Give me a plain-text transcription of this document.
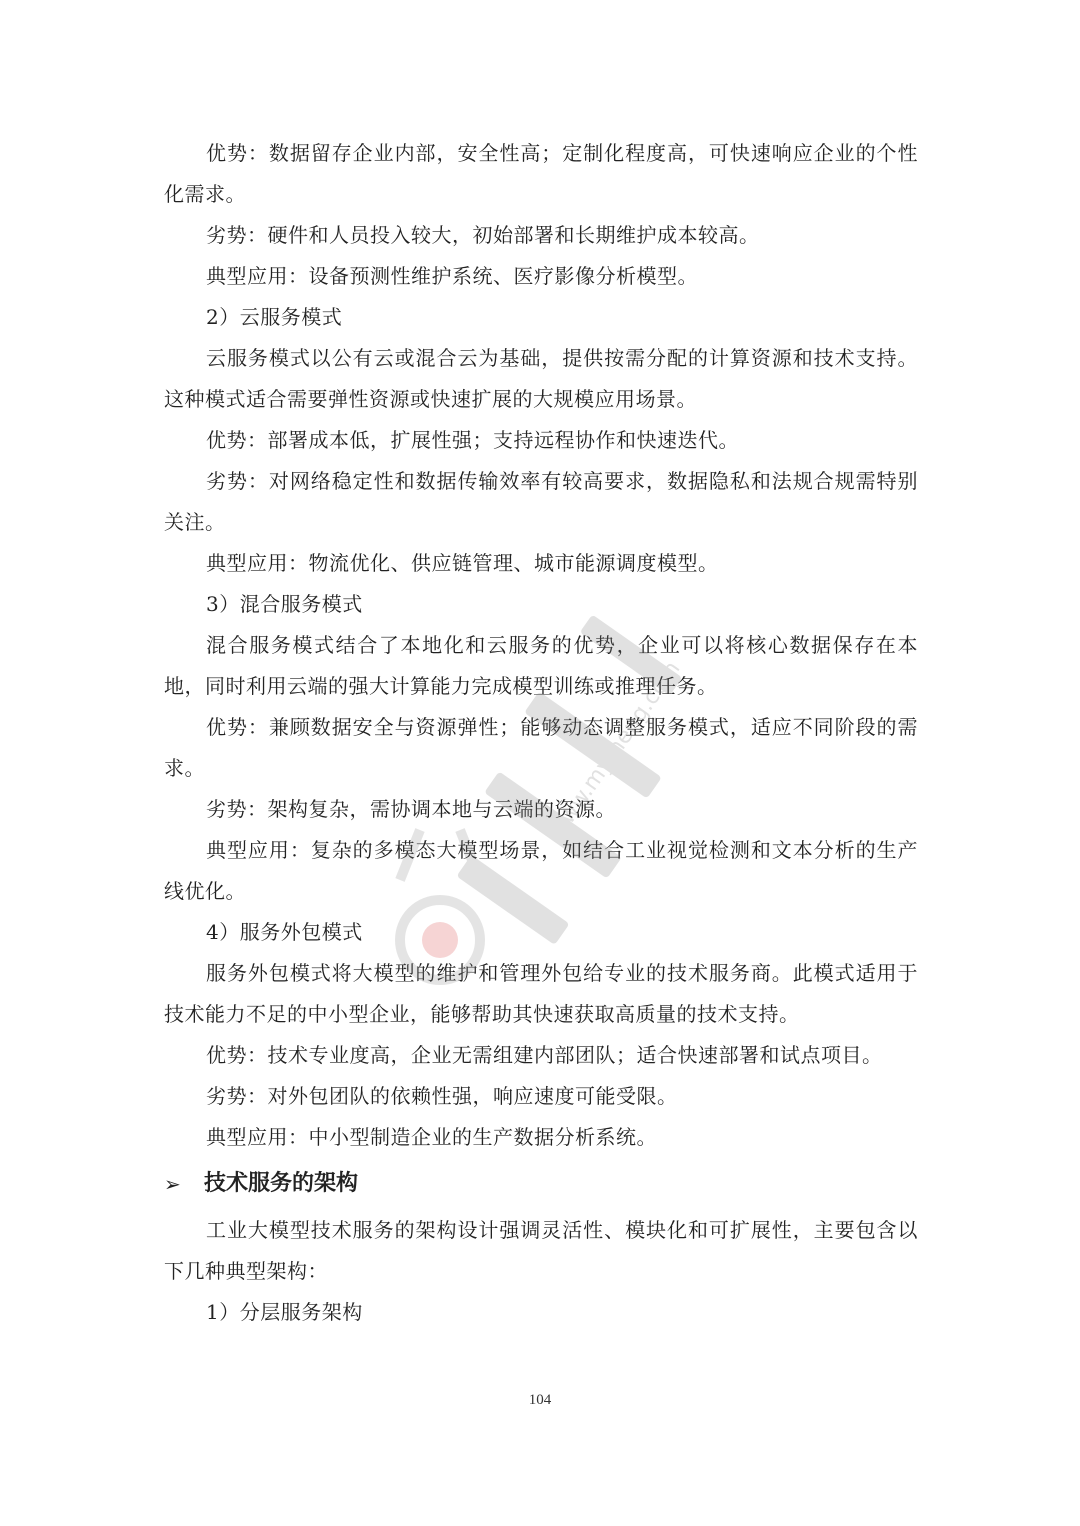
优势：数据留存企业内部，安全性高；定制化程度高，可快速响应企业的个性化需求。

劣势：硬件和人员投入较大，初始部署和长期维护成本较高。

典型应用：设备预测性维护系统、医疗影像分析模型。

2）云服务模式

云服务模式以公有云或混合云为基础，提供按需分配的计算资源和技术支持。这种模式适合需要弹性资源或快速扩展的大规模应用场景。

优势：部署成本低，扩展性强；支持远程协作和快速迭代。

劣势：对网络稳定性和数据传输效率有较高要求，数据隐私和法规合规需特别关注。

典型应用：物流优化、供应链管理、城市能源调度模型。

3）混合服务模式

混合服务模式结合了本地化和云服务的优势，企业可以将核心数据保存在本地，同时利用云端的强大计算能力完成模型训练或推理任务。

优势：兼顾数据安全与资源弹性；能够动态调整服务模式，适应不同阶段的需求。

劣势：架构复杂，需协调本地与云端的资源。

典型应用：复杂的多模态大模型场景，如结合工业视觉检测和文本分析的生产线优化。

4）服务外包模式

服务外包模式将大模型的维护和管理外包给专业的技术服务商。此模式适用于技术能力不足的中小型企业，能够帮助其快速获取高质量的技术支持。

优势：技术专业度高，企业无需组建内部团队；适合快速部署和试点项目。

劣势：对外包团队的依赖性强，响应速度可能受限。

典型应用：中小型制造企业的生产数据分析系统。

➢ 技术服务的架构

工业大模型技术服务的架构设计强调灵活性、模块化和可扩展性，主要包含以下几种典型架构：

1）分层服务架构

104
www.mymeng.com
